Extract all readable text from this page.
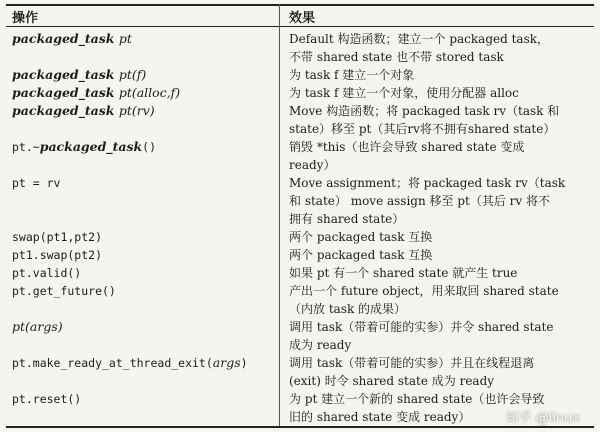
操作	效果
packaged_task pt	Default 构造函数；建立一个 packaged task，
不带 shared state 也不带 stored task
packaged_task pt(f)	为 task f 建立一个对象
packaged_task pt(alloc,f)	为 task f 建立一个对象，使用分配器 alloc
packaged_task pt(rv)	Move 构造函数；将 packaged task rv（task 和
state）移至 pt（其后rv将不拥有shared state）
pt.~packaged_task()	销毁 *this（也许会导致 shared state 变成
ready）
pt = rv	Move assignment；将 packaged task rv（task
和 state） move assign 移至 pt（其后 rv 将不
拥有 shared state）
swap(pt1,pt2)	两个 packaged task 互换
pt1.swap(pt2)	两个 packaged task 互换
pt.valid()	如果 pt 有一个 shared state 就产生 true
pt.get_future()	产出一个 future object，用来取回 shared state
（内放 task 的成果）
pt(args)	调用 task（带着可能的实参）并令 shared state
成为 ready
pt.make_ready_at_thread_exit(args)	调用 task（带着可能的实参）并且在线程退离
(exit) 时令 shared state 成为 ready
pt.reset()	为 pt 建立一个新的 shared state（也许会导致
旧的 shared state 变成 ready）	知乎 @linux
